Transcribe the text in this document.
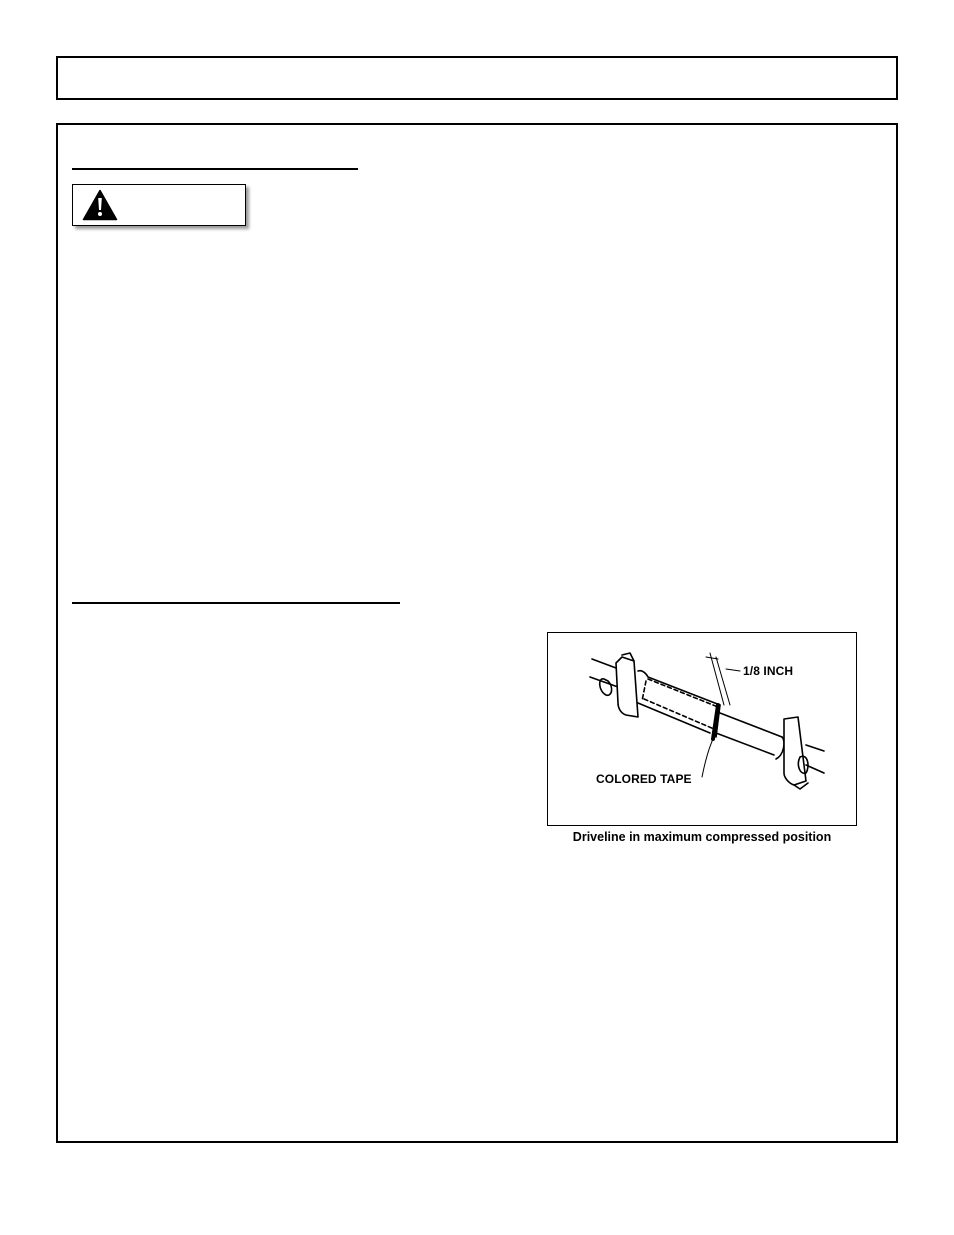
1/8 INCH
COLORED TAPE
Driveline in maximum compressed position
